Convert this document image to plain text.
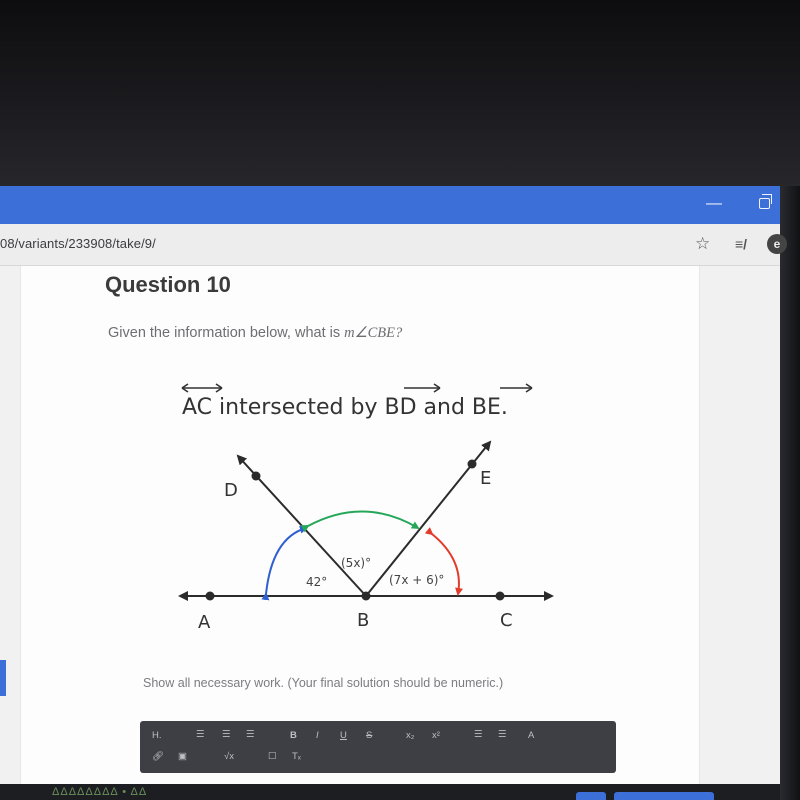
—
08/variants/233908/take/9/	☆ ≡/	e
Question 10
Given the information below, what is m∠CBE?
AC intersected by BD and BE.
A	B	C
D
E
42°
(5x)°
(7x + 6)°
Show all necessary work. (Your final solution should be numeric.)
H.	☰ ☰ ☰	B I U S	x₂ x²	☰ ☰ A
🔗︎ ▣	√x	☐ Tₓ
ΔΔΔΔΔΔΔΔ • ΔΔ
